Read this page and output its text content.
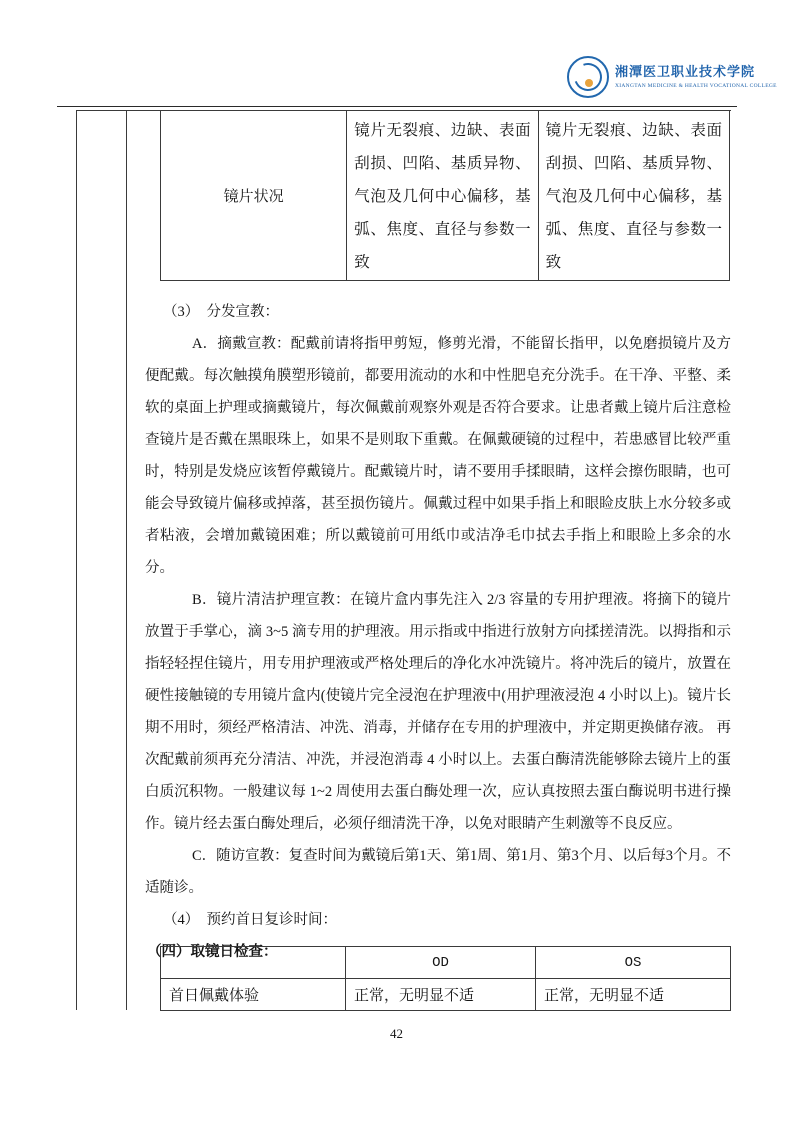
湘潭医卫职业技术学院
XIANGTAN MEDICINE & HEALTH VOCATIONAL COLLEGE
镜片状况	镜片无裂痕、边缺、表面刮损、凹陷、基质异物、气泡及几何中心偏移，基弧、焦度、直径与参数一致	镜片无裂痕、边缺、表面刮损、凹陷、基质异物、气泡及几何中心偏移，基弧、焦度、直径与参数一致

（3）　分发宣教：

A．摘戴宣教：配戴前请将指甲剪短，修剪光滑，不能留长指甲，以免磨损镜片及方便配戴。每次触摸角膜塑形镜前，都要用流动的水和中性肥皂充分洗手。在干净、平整、柔软的桌面上护理或摘戴镜片，每次佩戴前观察外观是否符合要求。让患者戴上镜片后注意检查镜片是否戴在黑眼珠上，如果不是则取下重戴。在佩戴硬镜的过程中，若患感冒比较严重时，特别是发烧应该暂停戴镜片。配戴镜片时，请不要用手揉眼睛，这样会擦伤眼睛，也可能会导致镜片偏移或掉落，甚至损伤镜片。佩戴过程中如果手指上和眼睑皮肤上水分较多或者粘液，会增加戴镜困难；所以戴镜前可用纸巾或洁净毛巾拭去手指上和眼睑上多余的水分。

B．镜片清洁护理宣教：在镜片盒内事先注入 2/3 容量的专用护理液。将摘下的镜片放置于手掌心，滴 3~5 滴专用的护理液。用示指或中指进行放射方向揉搓清洗。以拇指和示指轻轻捏住镜片，用专用护理液或严格处理后的净化水冲洗镜片。将冲洗后的镜片，放置在硬性接触镜的专用镜片盒内(使镜片完全浸泡在护理液中(用护理液浸泡 4 小时以上)。镜片长期不用时，须经严格清洁、冲洗、消毒，并储存在专用的护理液中，并定期更换储存液。 再次配戴前须再充分清洁、冲洗，并浸泡消毒 4 小时以上。去蛋白酶清洗能够除去镜片上的蛋白质沉积物。一般建议每 1~2 周使用去蛋白酶处理一次，应认真按照去蛋白酶说明书进行操作。镜片经去蛋白酶处理后，必须仔细清洗干净，以免对眼睛产生刺激等不良反应。

C．随访宣教：复查时间为戴镜后第1天、第1周、第1月、第3个月、以后每3个月。不适随诊。

（4）　预约首日复诊时间：

（四）取镜日检查：

	OD	OS
首日佩戴体验	正常，无明显不适	正常，无明显不适
42
